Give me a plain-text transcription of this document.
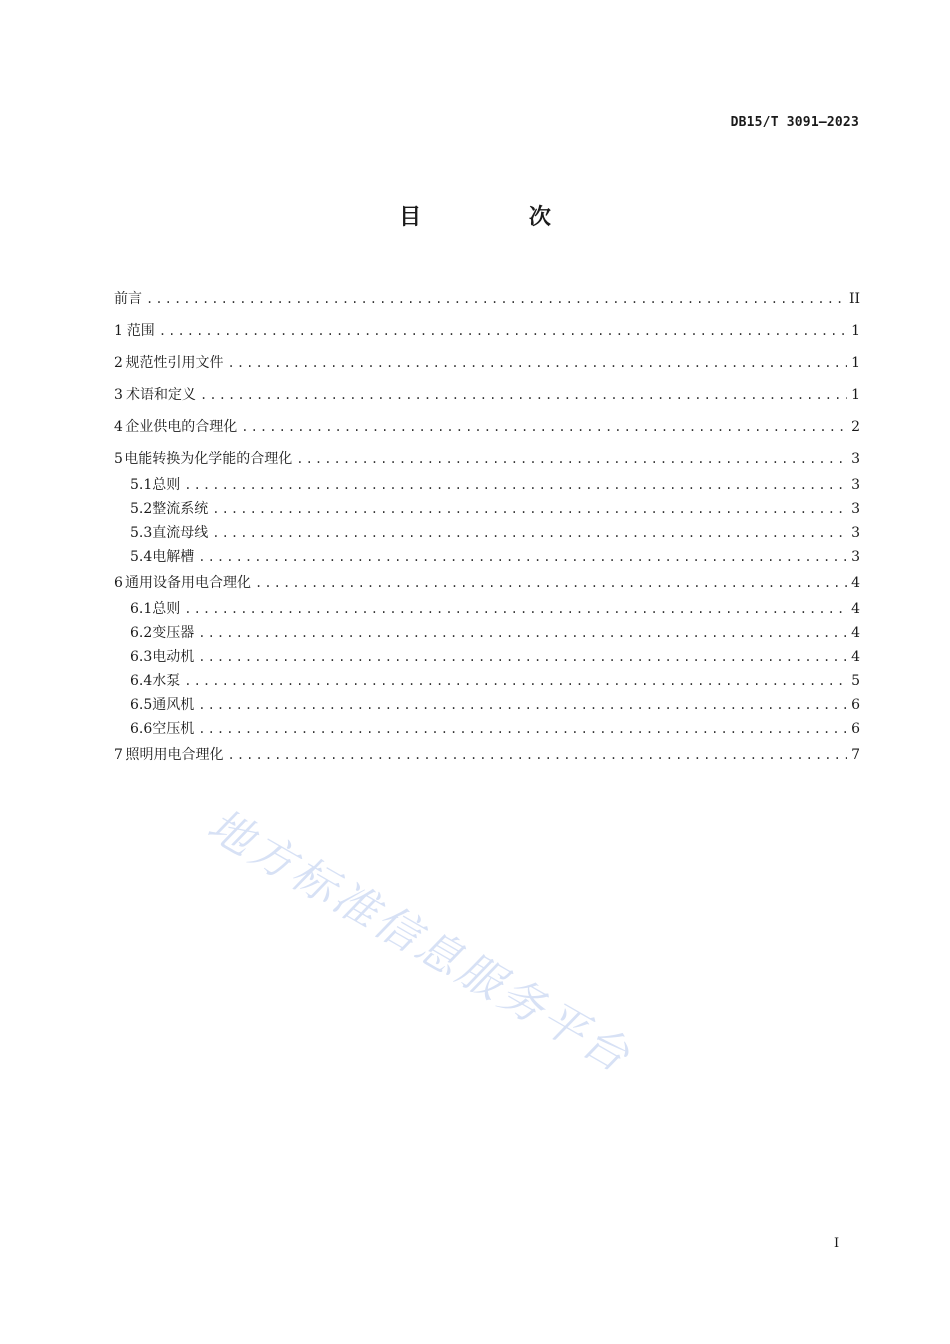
DB15/T 3091—2023
目 次
前言 .....	II
1 范围 .....	1
2 规范性引用文件 .....	1
3 术语和定义 .....	1
4 企业供电的合理化 .....	2
5 电能转换为化学能的合理化 .....	3
5.1 总则 .....	3
5.2 整流系统 .....	3
5.3 直流母线 .....	3
5.4 电解槽 .....	3
6 通用设备用电合理化 .....	4
6.1 总则 .....	4
6.2 变压器 .....	4
6.3 电动机 .....	4
6.4 水泵 .....	5
6.5 通风机 .....	6
6.6 空压机 .....	6
7 照明用电合理化 .....	7
地方标准信息服务平台
I
